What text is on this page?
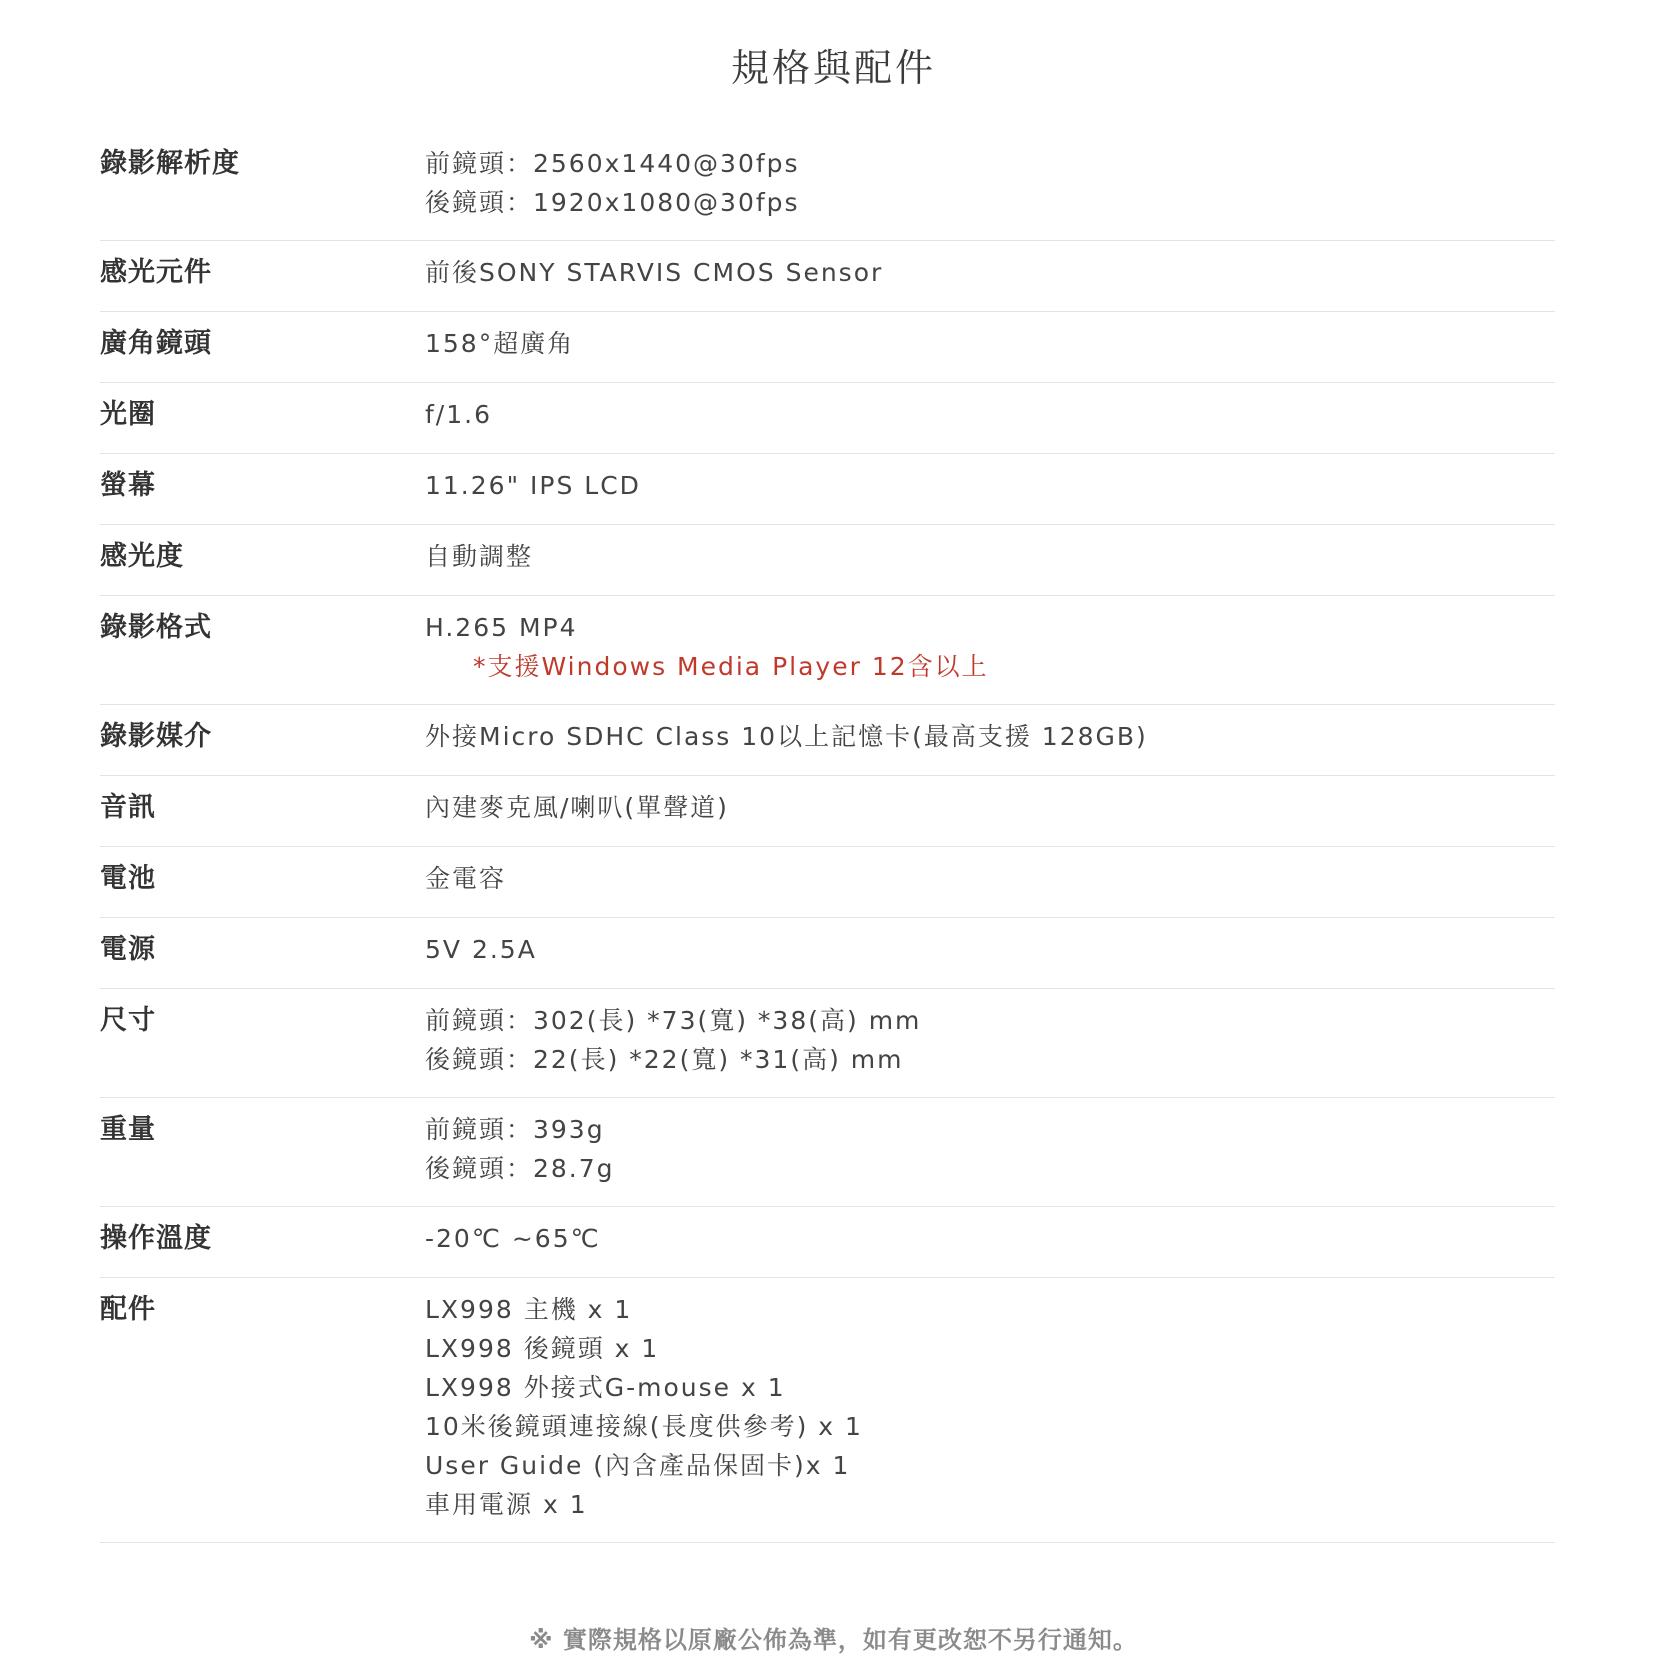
規格與配件
錄影解析度	前鏡頭：2560x1440@30fps
後鏡頭：1920x1080@30fps
感光元件	前後SONY STARVIS CMOS Sensor
廣角鏡頭	158°超廣角
光圈	f/1.6
螢幕	11.26" IPS LCD
感光度	自動調整
錄影格式	H.265 MP4
*支援Windows Media Player 12含以上
錄影媒介	外接Micro SDHC Class 10以上記憶卡(最高支援 128GB)
音訊	內建麥克風/喇叭(單聲道)
電池	金電容
電源	5V 2.5A
尺寸	前鏡頭：302(長) *73(寬) *38(高) mm
後鏡頭：22(長) *22(寬) *31(高) mm
重量	前鏡頭：393g
後鏡頭：28.7g
操作溫度	-20℃ ~65℃
配件	LX998 主機 x 1
LX998 後鏡頭 x 1
LX998 外接式G-mouse x 1
10米後鏡頭連接線(長度供參考) x 1
User Guide (內含產品保固卡)x 1
車用電源 x 1

※ 實際規格以原廠公佈為準，如有更改恕不另行通知。
